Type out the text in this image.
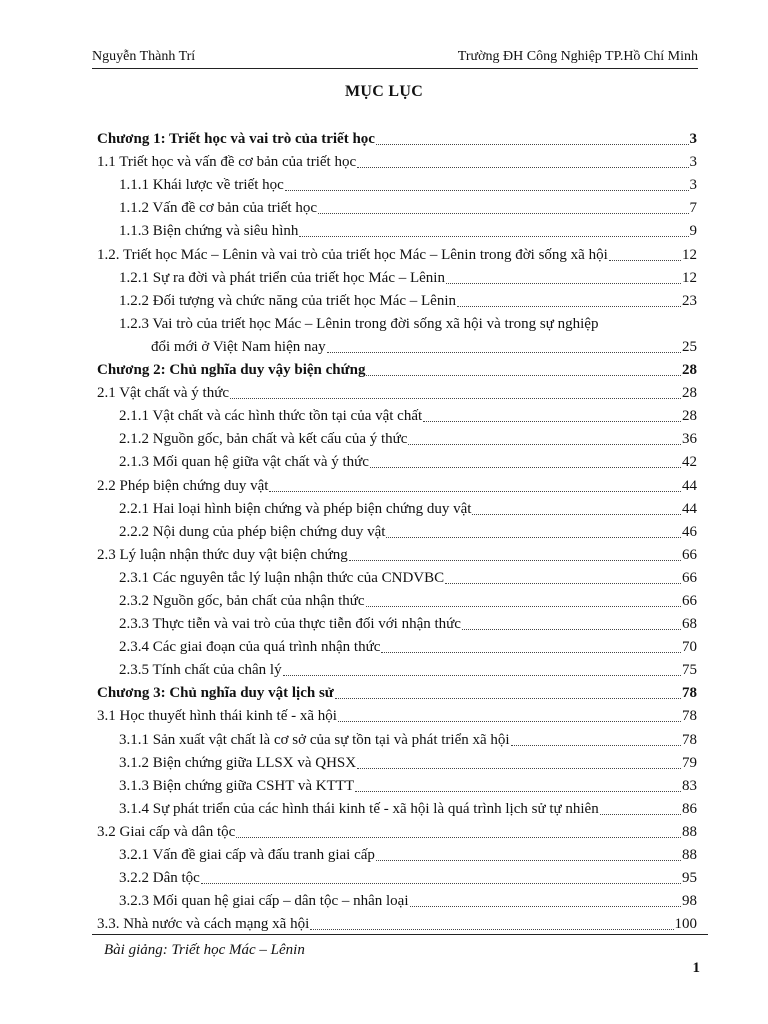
Nguyễn Thành Trí	Trường ĐH Công Nghiệp TP.Hồ Chí Minh
MỤC LỤC
Chương 1: Triết học và vai trò của triết học	3
1.1 Triết học và vấn đề cơ bản của triết học	3
1.1.1 Khái lược về triết học	3
1.1.2 Vấn đề cơ bản của triết học	7
1.1.3 Biện chứng và siêu hình	9
1.2. Triết học Mác – Lênin và vai trò của triết học Mác – Lênin trong đời sống xã hội	12
1.2.1 Sự ra đời và phát triển của triết học Mác – Lênin	12
1.2.2 Đối tượng và chức năng của triết học Mác – Lênin	23
1.2.3 Vai trò của triết học Mác – Lênin trong đời sống xã hội và trong sự nghiệp
đổi mới ở Việt Nam hiện nay	25
Chương 2: Chủ nghĩa duy vậy biện chứng	28
2.1 Vật chất và ý thức	28
2.1.1 Vật chất và các hình thức tồn tại của vật chất	28
2.1.2 Nguồn gốc, bản chất và kết cấu của ý thức	36
2.1.3 Mối quan hệ giữa vật chất và ý thức	42
2.2 Phép biện chứng duy vật	44
2.2.1 Hai loại hình biện chứng và phép biện chứng duy vật	44
2.2.2 Nội dung của phép biện chứng duy vật	46
2.3 Lý luận nhận thức duy vật biện chứng	66
2.3.1 Các nguyên tắc lý luận nhận thức của CNDVBC	66
2.3.2 Nguồn gốc, bản chất của nhận thức	66
2.3.3 Thực tiễn và vai trò của thực tiễn đối với nhận thức	68
2.3.4 Các giai đoạn của quá trình nhận thức	70
2.3.5 Tính chất của chân lý	75
Chương 3: Chủ nghĩa duy vật lịch sử	78
3.1 Học thuyết hình thái kinh tế - xã hội	78
3.1.1 Sản xuất vật chất là cơ sở của sự tồn tại và phát triển xã hội	78
3.1.2 Biện chứng giữa LLSX và QHSX	79
3.1.3 Biện chứng giữa CSHT và KTTT	83
3.1.4 Sự phát triển của các hình thái kinh tế - xã hội là quá trình lịch sử tự nhiên	86
3.2 Giai cấp và dân tộc	88
3.2.1 Vấn đề giai cấp và đấu tranh giai cấp	88
3.2.2 Dân tộc	95
3.2.3 Mối quan hệ giai cấp – dân tộc – nhân loại	98
3.3. Nhà nước và cách mạng xã hội	100
Bài giảng: Triết học Mác – Lênin
1
